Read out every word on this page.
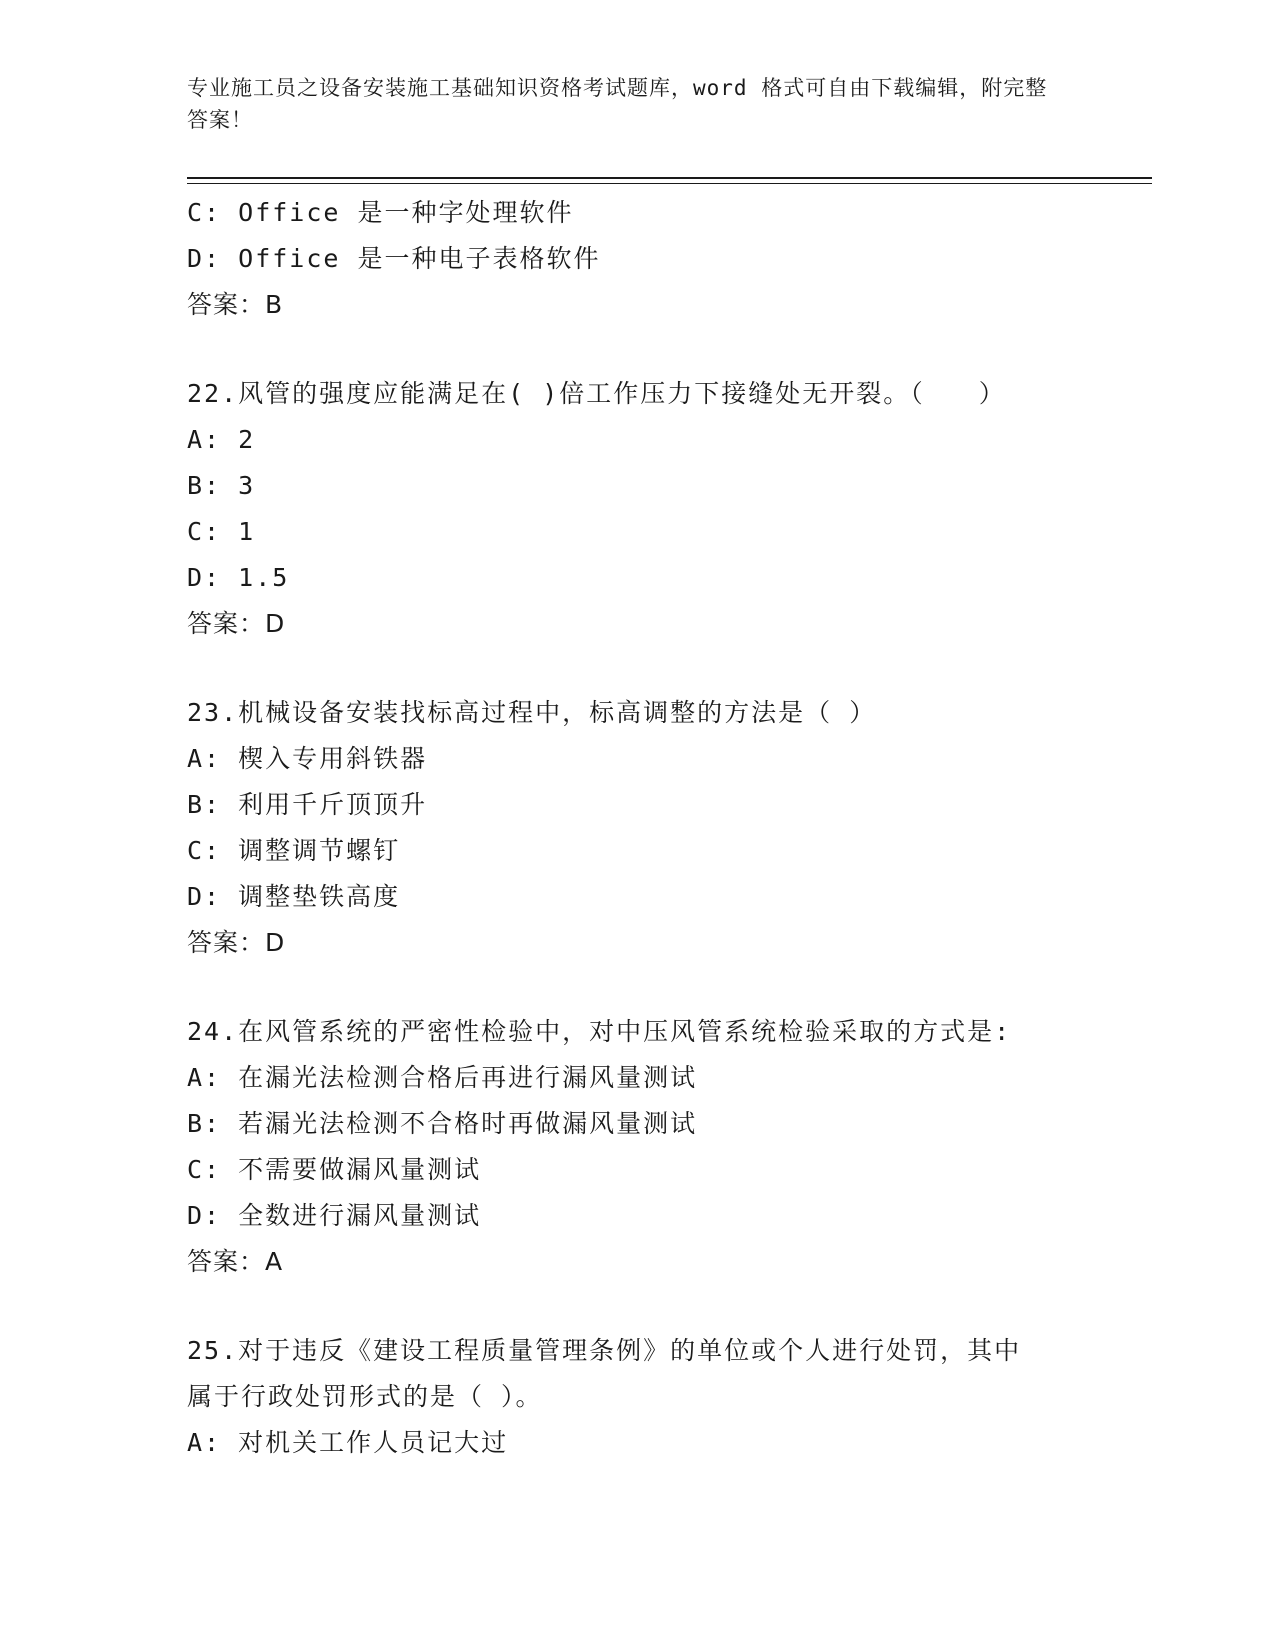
专业施工员之设备安装施工基础知识资格考试题库，word 格式可自由下载编辑，附完整答案！
C: Office 是一种字处理软件
D: Office 是一种电子表格软件
答案：B
22.风管的强度应能满足在( )倍工作压力下接缝处无开裂。（　　）
A: 2
B: 3
C: 1
D: 1.5
答案：D
23.机械设备安装找标高过程中，标高调整的方法是（ ）
A: 楔入专用斜铁器
B: 利用千斤顶顶升
C: 调整调节螺钉
D: 调整垫铁高度
答案：D
24.在风管系统的严密性检验中，对中压风管系统检验采取的方式是:
A: 在漏光法检测合格后再进行漏风量测试
B: 若漏光法检测不合格时再做漏风量测试
C: 不需要做漏风量测试
D: 全数进行漏风量测试
答案：A
25.对于违反《建设工程质量管理条例》的单位或个人进行处罚，其中
属于行政处罚形式的是（ ）。
A: 对机关工作人员记大过
